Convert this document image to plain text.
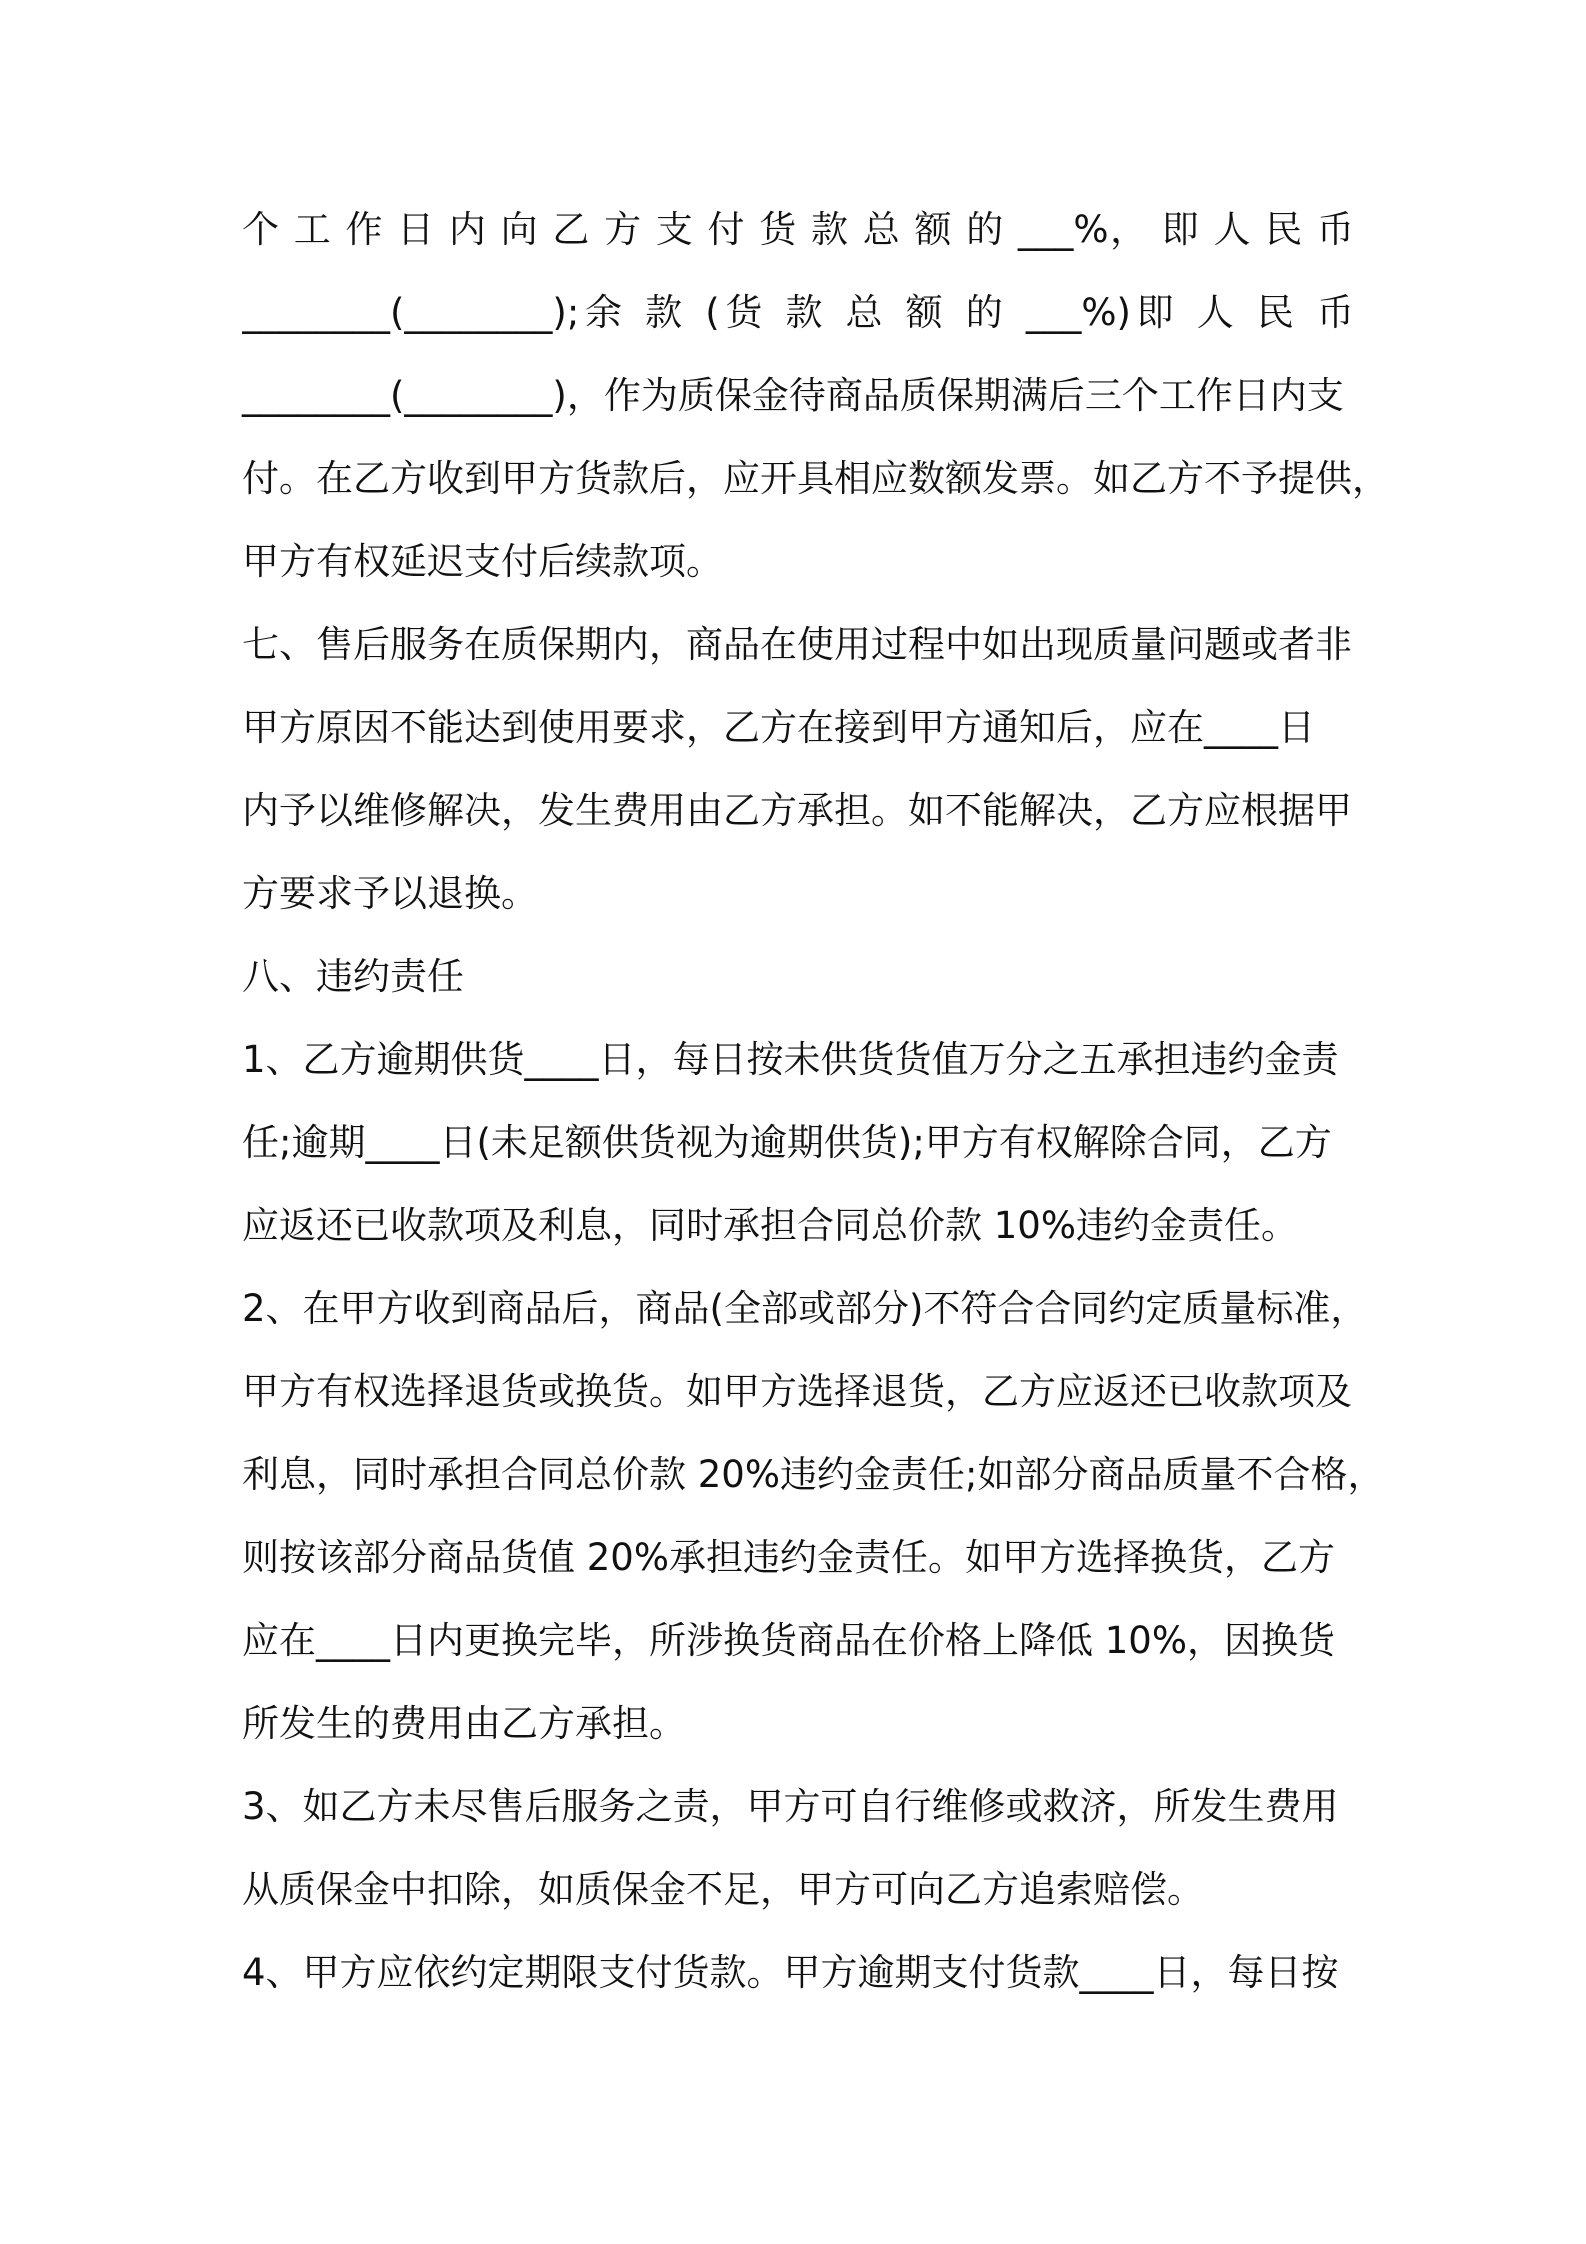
个 工 作 日 内 向 乙 方 支 付 货 款 总 额 的 ___%， 即 人 民 币
________(________);余 款 (货 款 总 额 的 ___%)即 人 民 币
________(________)，作为质保金待商品质保期满后三个工作日内支
付。在乙方收到甲方货款后，应开具相应数额发票。如乙方不予提供，
甲方有权延迟支付后续款项。
七、售后服务在质保期内，商品在使用过程中如出现质量问题或者非
甲方原因不能达到使用要求，乙方在接到甲方通知后，应在____日
内予以维修解决，发生费用由乙方承担。如不能解决，乙方应根据甲
方要求予以退换。
八、违约责任
1、乙方逾期供货____日，每日按未供货货值万分之五承担违约金责
任;逾期____日(未足额供货视为逾期供货);甲方有权解除合同，乙方
应返还已收款项及利息，同时承担合同总价款 10%违约金责任。
2、在甲方收到商品后，商品(全部或部分)不符合合同约定质量标准，
甲方有权选择退货或换货。如甲方选择退货，乙方应返还已收款项及
利息，同时承担合同总价款 20%违约金责任;如部分商品质量不合格，
则按该部分商品货值 20%承担违约金责任。如甲方选择换货，乙方
应在____日内更换完毕，所涉换货商品在价格上降低 10%，因换货
所发生的费用由乙方承担。
3、如乙方未尽售后服务之责，甲方可自行维修或救济，所发生费用
从质保金中扣除，如质保金不足，甲方可向乙方追索赔偿。
4、甲方应依约定期限支付货款。甲方逾期支付货款____日，每日按
